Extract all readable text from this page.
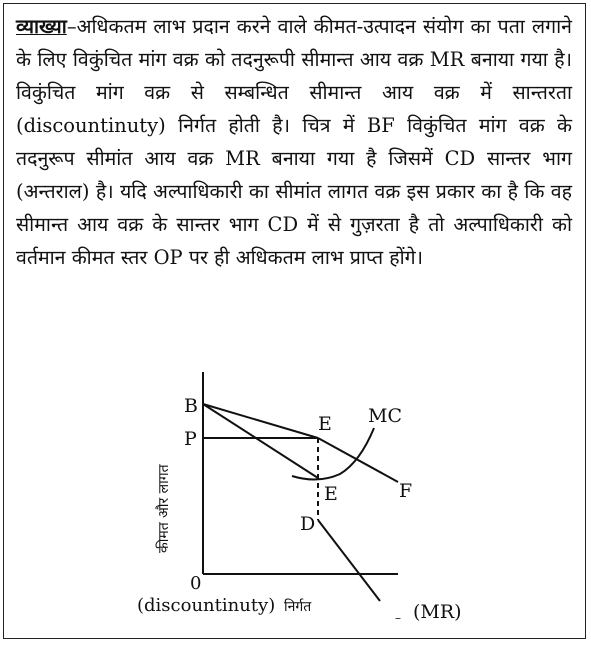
व्याख्या–अधिकतम लाभ प्रदान करने वाले कीमत-उत्पादन संयोग का पता लगाने के लिए विकुंचित मांग वक्र को तदनुरूपी सीमान्त आय वक्र MR बनाया गया है। विकुंचित मांग वक्र से सम्बन्धित सीमान्त आय वक्र में सान्तरता (discountinuty) निर्गत होती है। चित्र में BF विकुंचित मांग वक्र के तदनुरूप सीमांत आय वक्र MR बनाया गया है जिसमें CD सान्तर भाग (अन्तराल) है। यदि अल्पाधिकारी का सीमांत लागत वक्र इस प्रकार का है कि वह सीमान्त आय वक्र के सान्तर भाग CD में से गुज़रता है तो अल्पाधिकारी को वर्तमान कीमत स्तर OP पर ही अधिकतम लाभ प्राप्त होंगे।

B
P
E
E
D
F
0
MC
कीमत और लागत
(discountinuty) निर्गत
– (MR)
